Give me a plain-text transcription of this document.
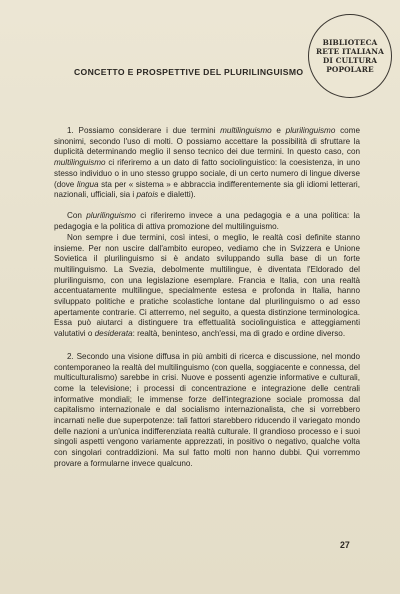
BIBLIOTECA
RETE ITALIANA
DI CULTURA
POPOLARE
CONCETTO E PROSPETTIVE DEL PLURILINGUISMO

1. Possiamo considerare i due termini multilinguismo e plurilinguismo come sinonimi, secondo l'uso di molti. O possiamo accettare la possibilità di sfruttare la duplicità determinando meglio il senso tecnico dei due termini. In questo caso, con multilinguismo ci riferiremo a un dato di fatto sociolinguistico: la coesistenza, in uno stesso individuo o in uno stesso gruppo sociale, di un certo numero di lingue diverse (dove lingua sta per « sistema » e abbraccia indifferentemente sia gli idiomi letterari, nazionali, ufficiali, sia i patois e dialetti).

Con plurilinguismo ci riferiremo invece a una pedagogia e a una politica: la pedagogia e la politica di attiva promozione del multilinguismo.

Non sempre i due termini, così intesi, o meglio, le realtà così definite stanno insieme. Per non uscire dall'ambito europeo, vediamo che in Svizzera e Unione Sovietica il plurilinguismo si è andato sviluppando sulla base di un forte multilinguismo. La Svezia, debolmente multilingue, è diventata l'Eldorado del plurilinguismo, con una legislazione esemplare. Francia e Italia, con una realtà accentuatamente multilingue, specialmente estesa e profonda in Italia, hanno sviluppato politiche e pratiche scolastiche lontane dal plurilinguismo o ad esso apertamente contrarie. Ci atterremo, nel seguito, a questa distinzione terminologica. Essa può aiutarci a distinguere tra effettualità sociolinguistica e atteggiamenti valutativi o desiderata: realtà, beninteso, anch'essi, ma di grado e ordine diverso.

2. Secondo una visione diffusa in più ambiti di ricerca e discussione, nel mondo contemporaneo la realtà del multilinguismo (con quella, soggiacente e connessa, del multiculturalismo) sarebbe in crisi. Nuove e possenti agenzie informative e culturali, come la televisione; i processi di concentrazione e integrazione delle centrali informative mondiali; le immense forze dell'integrazione sociale promossa dal capitalismo internazionale e dal socialismo internazionalista, che si vorrebbero incarnati nelle due superpotenze: tali fattori starebbero riducendo il variegato mondo delle nazioni a un'unica indifferenziata realtà culturale. Il grandioso processo e i suoi singoli aspetti vengono variamente apprezzati, in positivo o negativo, qualche volta con singolari contraddizioni. Ma sul fatto molti non hanno dubbi. Qui vorremmo provare a formularne invece qualcuno.

27
